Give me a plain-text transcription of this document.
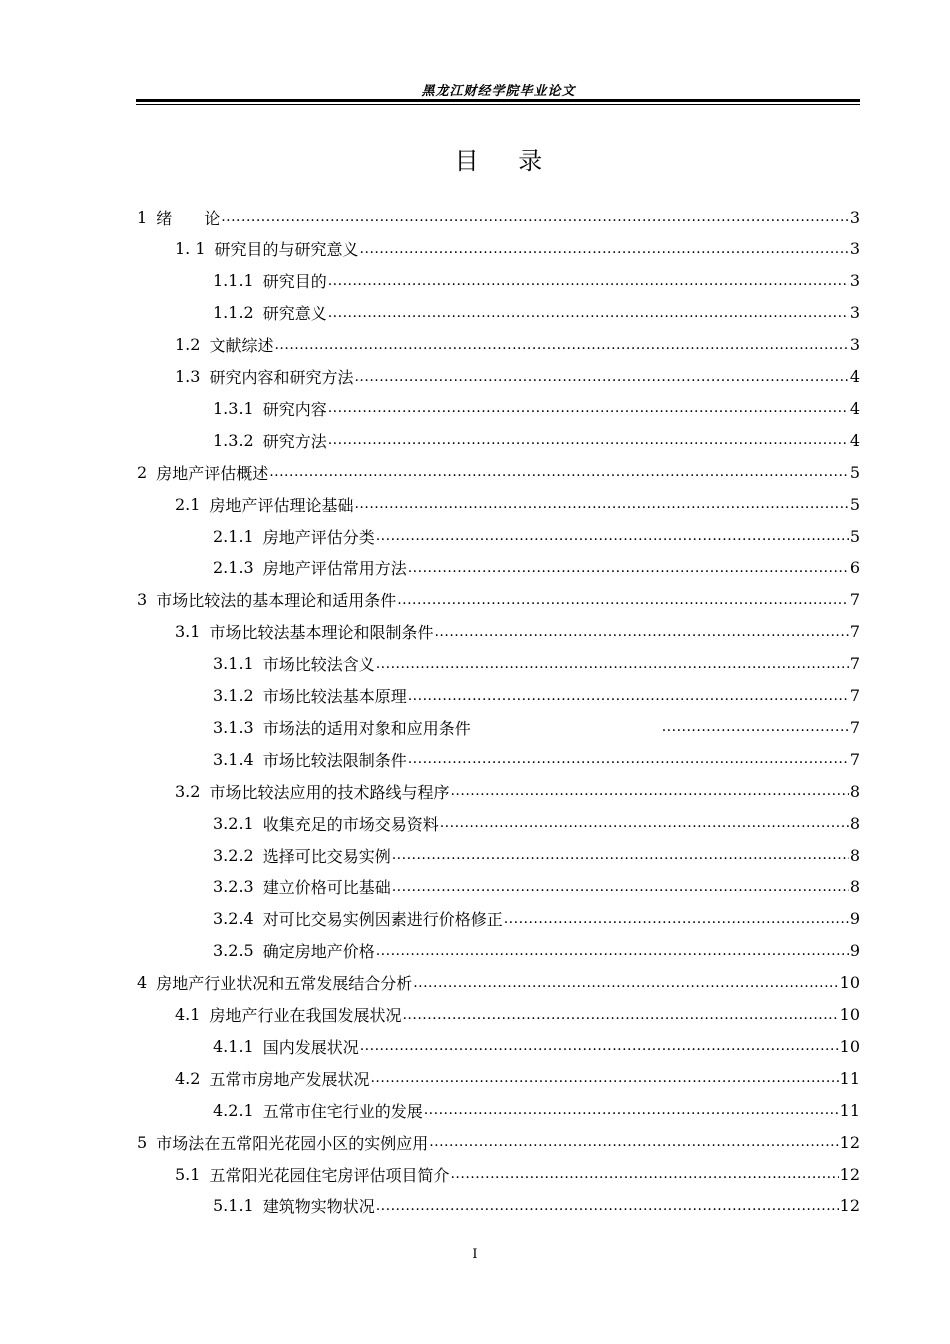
黑龙江财经学院毕业论文
目 录
1 绪　　论 .....	3
1. 1 研究目的与研究意义 .....	3
1.1.1 研究目的 .....	3
1.1.2 研究意义 .....	3
1.2 文献综述 .....	3
1.3 研究内容和研究方法 .....	4
1.3.1 研究内容 .....	4
1.3.2 研究方法 .....	4
2 房地产评估概述 .....	5
2.1 房地产评估理论基础 .....	5
2.1.1 房地产评估分类 .....	5
2.1.3 房地产评估常用方法 .....	6
3 市场比较法的基本理论和适用条件 .....	7
3.1 市场比较法基本理论和限制条件 .....	7
3.1.1 市场比较法含义 .....	7
3.1.2 市场比较法基本原理 .....	7
3.1.3 市场法的适用对象和应用条件 .....	7
3.1.4 市场比较法限制条件 .....	7
3.2 市场比较法应用的技术路线与程序 .....	8
3.2.1 收集充足的市场交易资料 .....	8
3.2.2 选择可比交易实例 .....	8
3.2.3 建立价格可比基础 .....	8
3.2.4 对可比交易实例因素进行价格修正 .....	9
3.2.5 确定房地产价格 .....	9
4 房地产行业状况和五常发展结合分析 .....	10
4.1 房地产行业在我国发展状况 .....	10
4.1.1 国内发展状况 .....	10
4.2 五常市房地产发展状况 .....	11
4.2.1 五常市住宅行业的发展 .....	11
5 市场法在五常阳光花园小区的实例应用 .....	12
5.1 五常阳光花园住宅房评估项目简介 .....	12
5.1.1 建筑物实物状况 .....	12
I
